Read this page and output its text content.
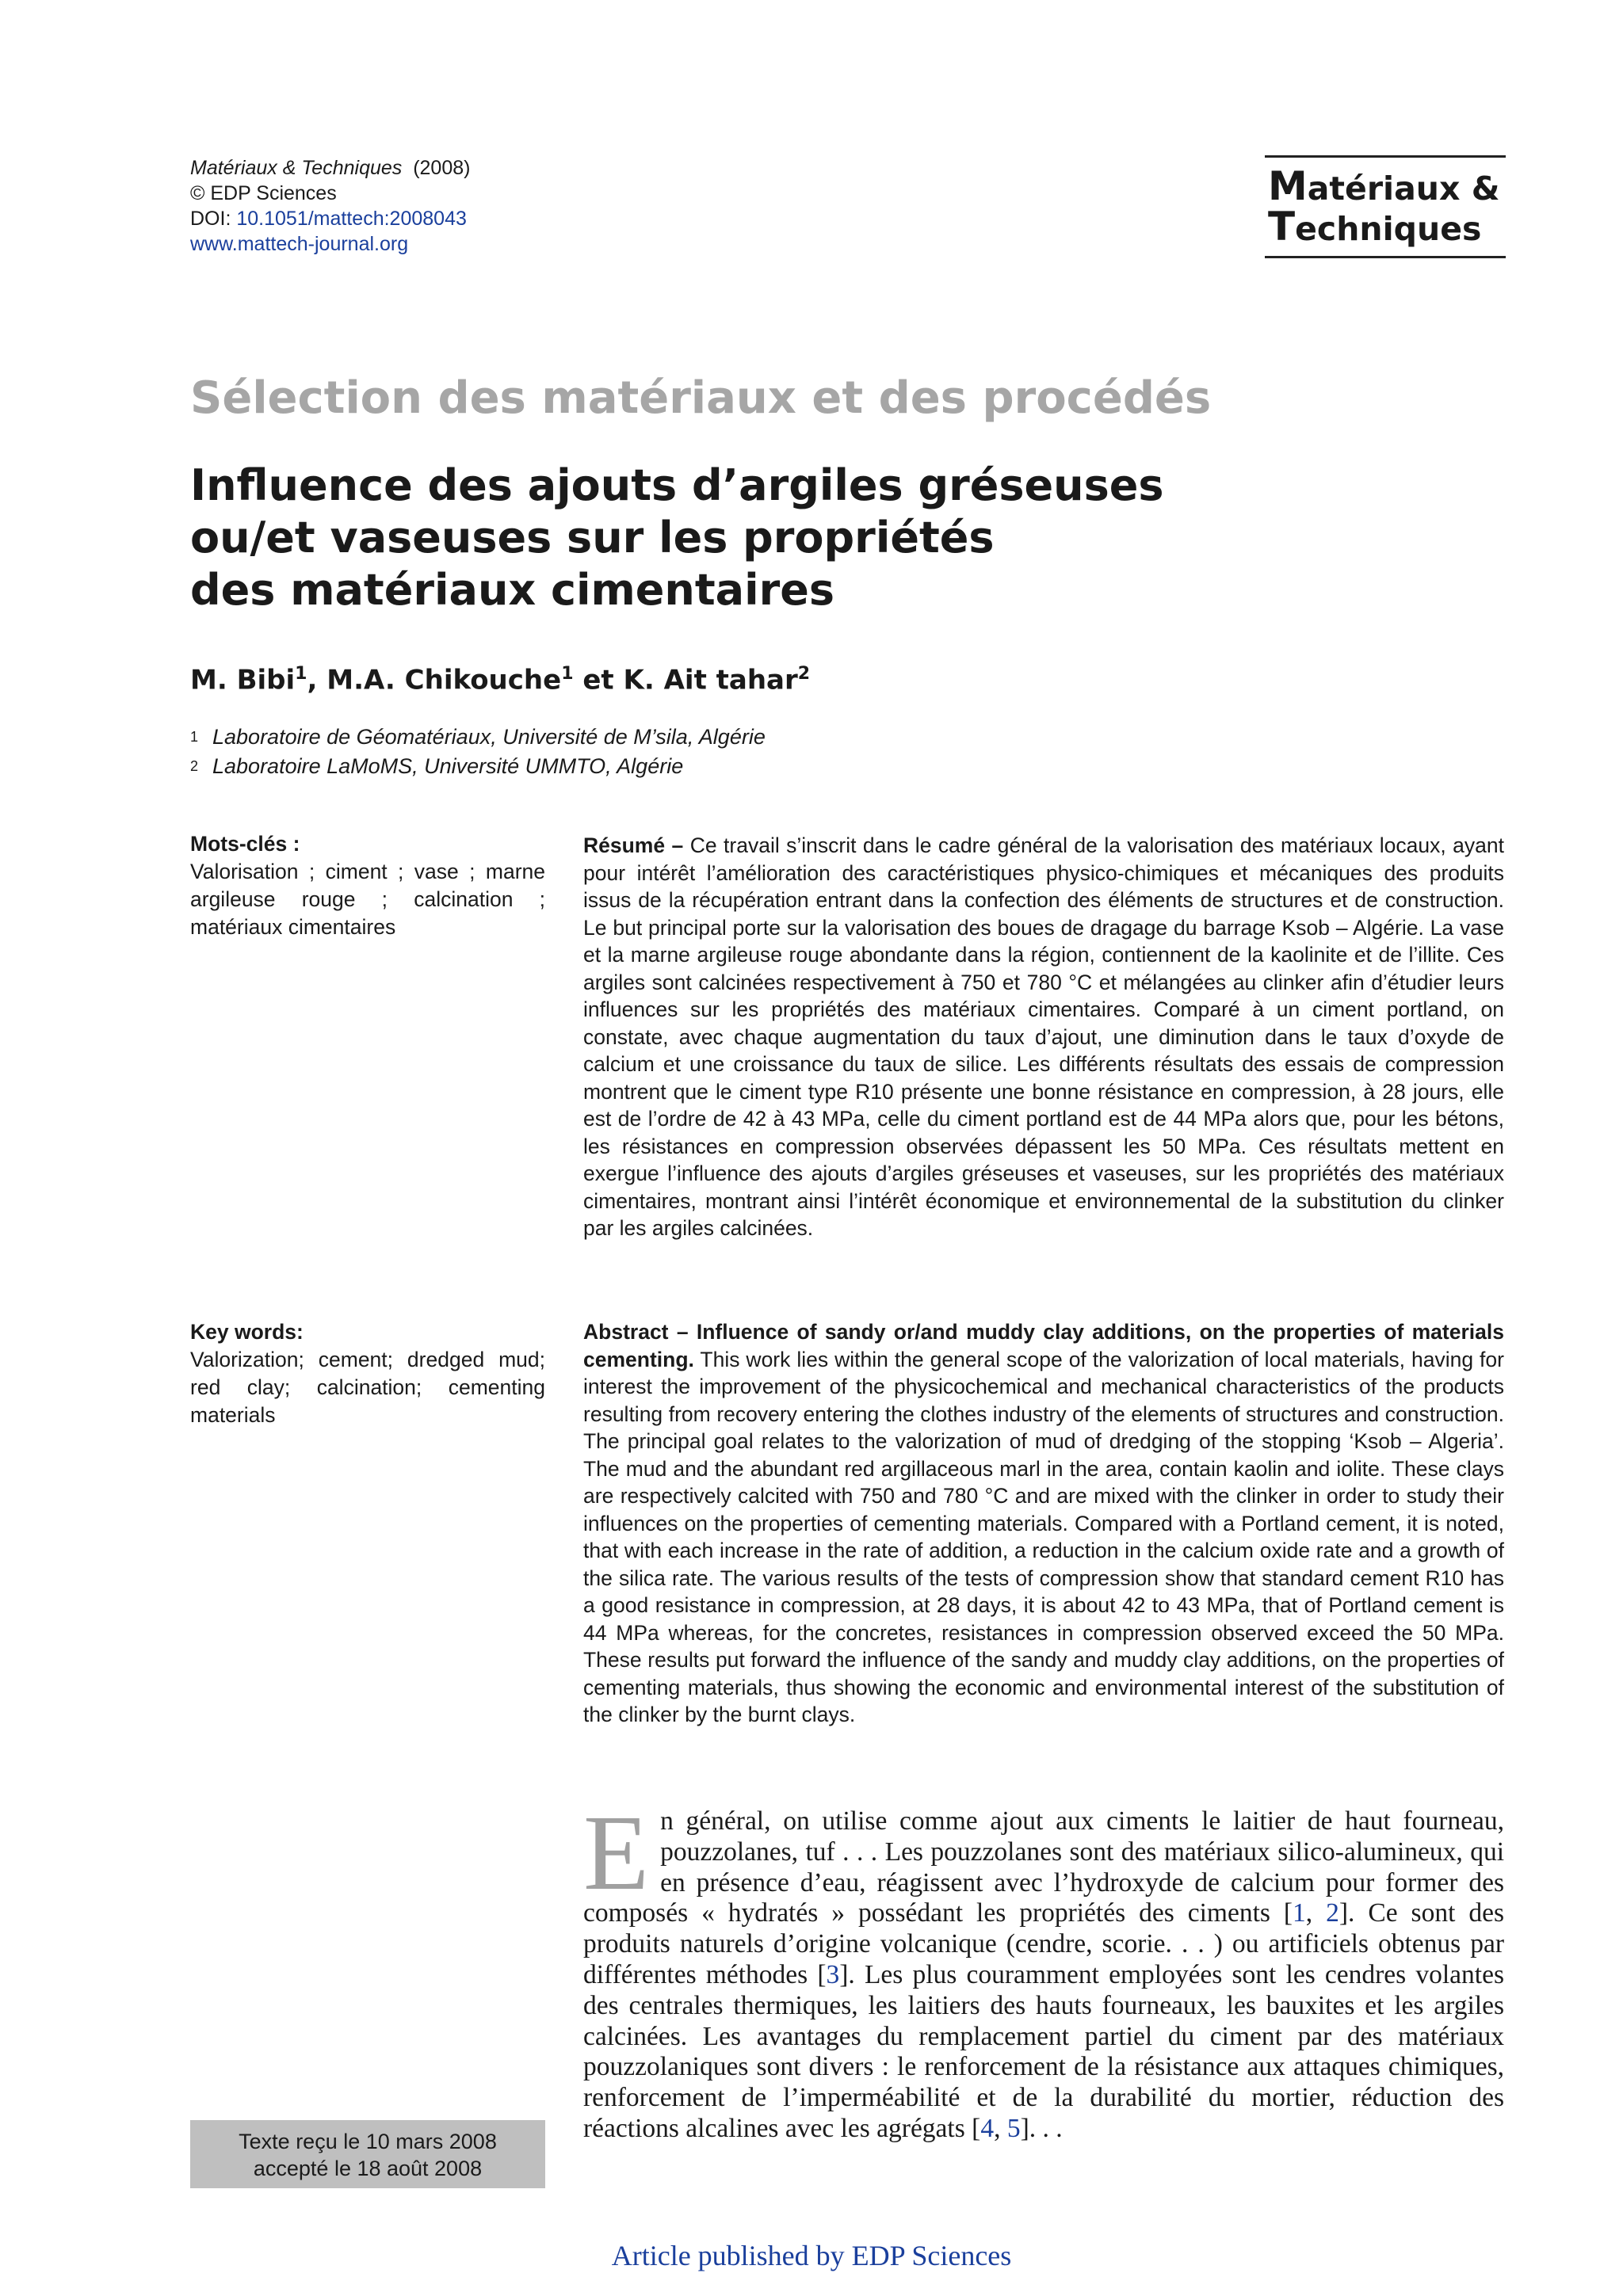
Matériaux & Techniques (2008)
© EDP Sciences
DOI: 10.1051/mattech:2008043
www.mattech-journal.org
Matériaux &
Techniques
Sélection des matériaux et des procédés
Influence des ajouts d’argiles gréseuses
ou/et vaseuses sur les propriétés
des matériaux cimentaires
M. Bibi$^1$, M.A. Chikouche$^1$ et K. Ait tahar$^2$
$^1$ Laboratoire de Géomatériaux, Université de M’sila, Algérie
$^2$ Laboratoire LaMoMS, Université UMMTO, Algérie
Mots-clés :
Valorisation ; ciment ; vase ; marne argileuse rouge ; calcination ; matériaux cimentaires
Résumé – Ce travail s’inscrit dans le cadre général de la valorisation des matériaux locaux, ayant pour intérêt l’amélioration des caractéristiques physico-chimiques et mécaniques des produits issus de la récupération entrant dans la confection des éléments de structures et de construction. Le but principal porte sur la valorisation des boues de dragage du barrage Ksob – Algérie. La vase et la marne argileuse rouge abondante dans la région, contiennent de la kaolinite et de l’illite. Ces argiles sont calcinées respectivement à 750 et 780 °C et mélangées au clinker afin d’étudier leurs influences sur les propriétés des matériaux cimentaires. Comparé à un ciment portland, on constate, avec chaque augmentation du taux d’ajout, une diminution dans le taux d’oxyde de calcium et une croissance du taux de silice. Les différents résultats des essais de compression montrent que le ciment type R10 présente une bonne résistance en compression, à 28 jours, elle est de l’ordre de 42 à 43 MPa, celle du ciment portland est de 44 MPa alors que, pour les bétons, les résistances en compression observées dépassent les 50 MPa. Ces résultats mettent en exergue l’influence des ajouts d’argiles gréseuses et vaseuses, sur les propriétés des matériaux cimentaires, montrant ainsi l’intérêt économique et environnemental de la substitution du clinker par les argiles calcinées.
Key words:
Valorization; cement; dredged mud; red clay; calcination; cementing materials
Abstract – Influence of sandy or/and muddy clay additions, on the properties of materials cementing. This work lies within the general scope of the valorization of local materials, having for interest the improvement of the physicochemical and mechanical characteristics of the products resulting from recovery entering the clothes industry of the elements of structures and construction. The principal goal relates to the valorization of mud of dredging of the stopping ‘Ksob – Algeria’. The mud and the abundant red argillaceous marl in the area, contain kaolin and iolite. These clays are respectively calcited with 750 and 780 °C and are mixed with the clinker in order to study their influences on the properties of cementing materials. Compared with a Portland cement, it is noted, that with each increase in the rate of addition, a reduction in the calcium oxide rate and a growth of the silica rate. The various results of the tests of compression show that standard cement R10 has a good resistance in compression, at 28 days, it is about 42 to 43 MPa, that of Portland cement is 44 MPa whereas, for the concretes, resistances in compression observed exceed the 50 MPa. These results put forward the influence of the sandy and muddy clay additions, on the properties of cementing materials, thus showing the economic and environmental interest of the substitution of the clinker by the burnt clays.
En général, on utilise comme ajout aux ciments le laitier de haut fourneau, pouzzolanes, tuf . . . Les pouzzolanes sont des matériaux silico-alumineux, qui en présence d’eau, réagissent avec l’hydroxyde de calcium pour former des composés « hydratés » possédant les propriétés des ciments [1, 2]. Ce sont des produits naturels d’origine volcanique (cendre, scorie. . . ) ou artificiels obtenus par différentes méthodes [3]. Les plus couramment employées sont les cendres volantes des centrales thermiques, les laitiers des hauts fourneaux, les bauxites et les argiles calcinées. Les avantages du remplacement partiel du ciment par des matériaux pouzzolaniques sont divers : le renforcement de la résistance aux attaques chimiques, renforcement de l’imperméabilité et de la durabilité du mortier, réduction des réactions alcalines avec les agrégats [4, 5]. . .
Texte reçu le 10 mars 2008
accepté le 18 août 2008
Article published by EDP Sciences
